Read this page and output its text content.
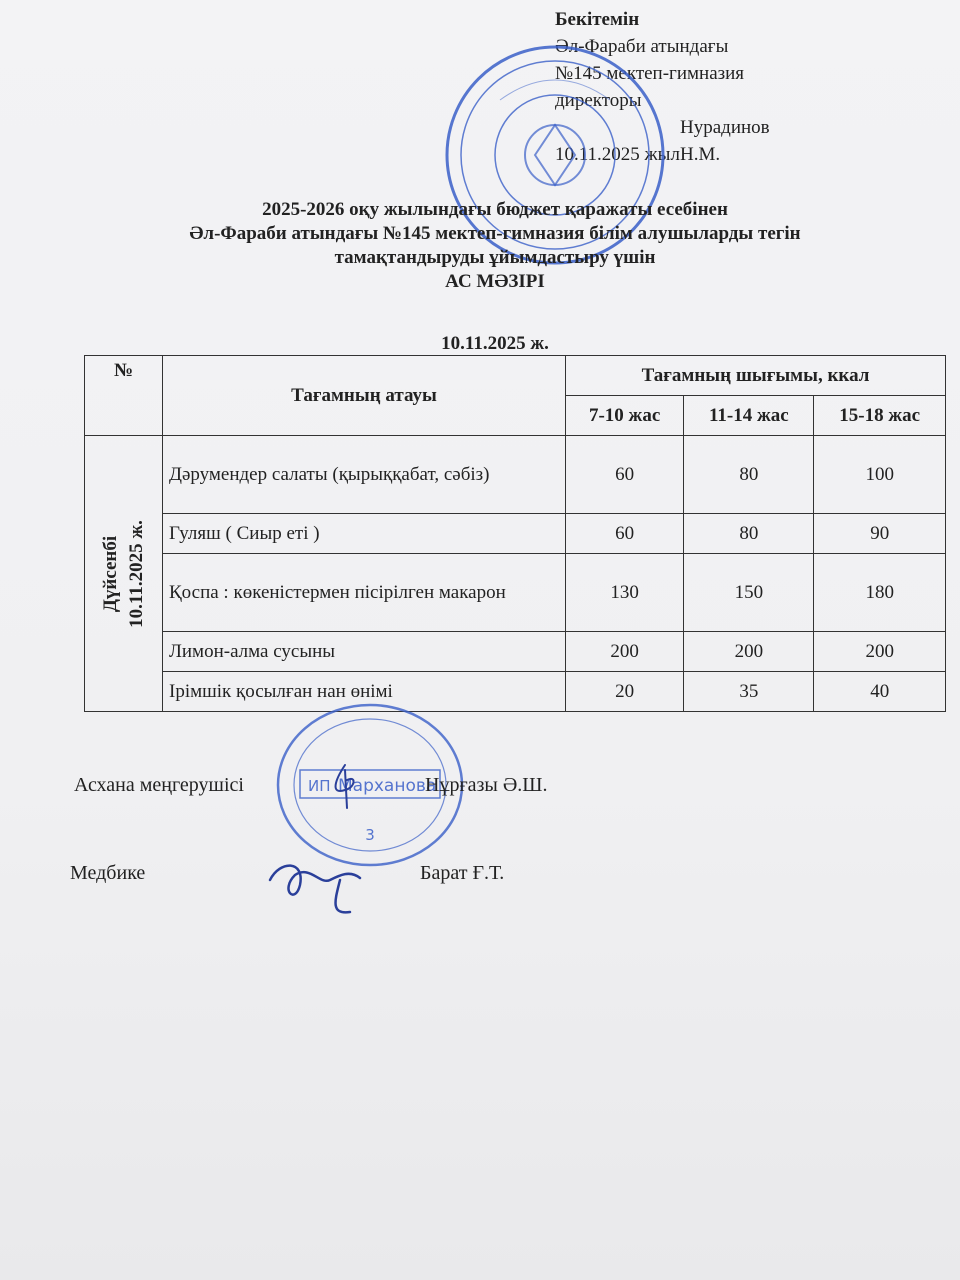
Бекітемін
Әл-Фараби атындағы
№145 мектеп-гимназия
директоры
Нурадинов Н.М.
10.11.2025 жыл
2025-2026 оқу жылындағы бюджет қаражаты есебінен
Әл-Фараби атындағы №145 мектеп-гимназия білім алушыларды тегін
тамақтандыруды ұйымдастыру үшін
АС МӘЗІРІ
10.11.2025 ж.
№	Тағамның атауы	Тағамның шығымы, ккал		
		7-10 жас	11-14 жас	15-18 жас

Дүйсенбі 10.11.2025 ж.	Дәрумендер салаты (қырыққабат, сәбіз)	60	80	100
	Гуляш ( Сиыр еті )	60	80	90
	Қоспа : көкеністермен пісірілген макарон	130	150	180
	Лимон-алма сусыны	200	200	200
	Ірімшік қосылған нан өнімі	20	35	40
ИП Марханова
3
Асхана меңгерушісі	Нұрғазы Ә.Ш.
Медбике	Барат Ғ.Т.
